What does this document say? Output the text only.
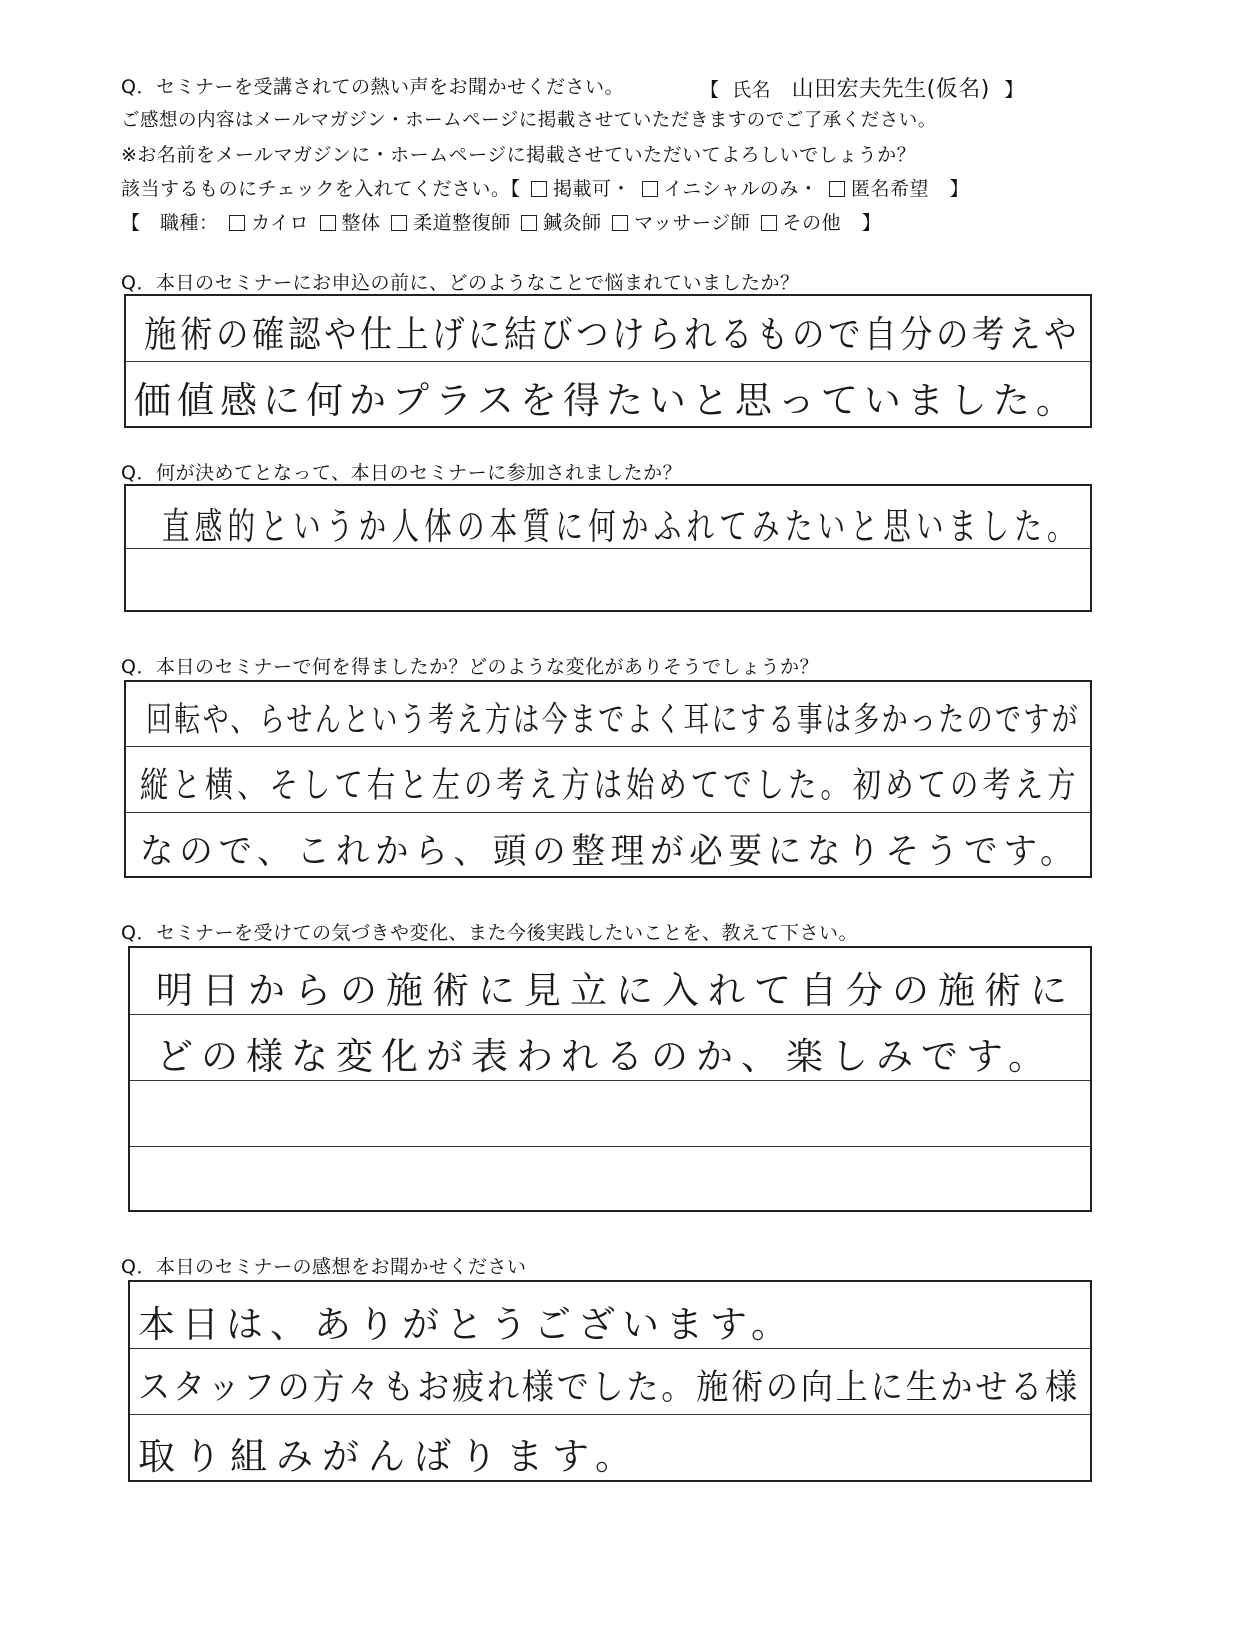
Q．セミナーを受講されての熱い声をお聞かせください。	【 氏名 山田宏夫先生(仮名) 】
ご感想の内容はメールマガジン・ホームページに掲載させていただきますのでご了承ください。
※お名前をメールマガジンに・ホームページに掲載させていただいてよろしいでしょうか？
該当するものにチェックを入れてください。【 掲載可・ イニシャルのみ・ 匿名希望 】
【　職種： カイロ 整体 柔道整復師 鍼灸師 マッサージ師 その他 】
Q．本日のセミナーにお申込の前に、どのようなことで悩まれていましたか？
施術の確認や仕上げに結びつけられるもので自分の考えや
価値感に何かプラスを得たいと思っていました。
Q．何が決めてとなって、本日のセミナーに参加されましたか？
直感的というか人体の本質に何かふれてみたいと思いました。
Q．本日のセミナーで何を得ましたか？どのような変化がありそうでしょうか？
回転や、らせんという考え方は今までよく耳にする事は多かったのですが
縦と横、そして右と左の考え方は始めてでした。初めての考え方
なので、これから、頭の整理が必要になりそうです。
Q．セミナーを受けての気づきや変化、また今後実践したいことを、教えて下さい。
明日からの施術に見立に入れて自分の施術に
どの様な変化が表われるのか、楽しみです。
Q．本日のセミナーの感想をお聞かせください
本日は、ありがとうございます。
スタッフの方々もお疲れ様でした。施術の向上に生かせる様
取り組みがんばります。
